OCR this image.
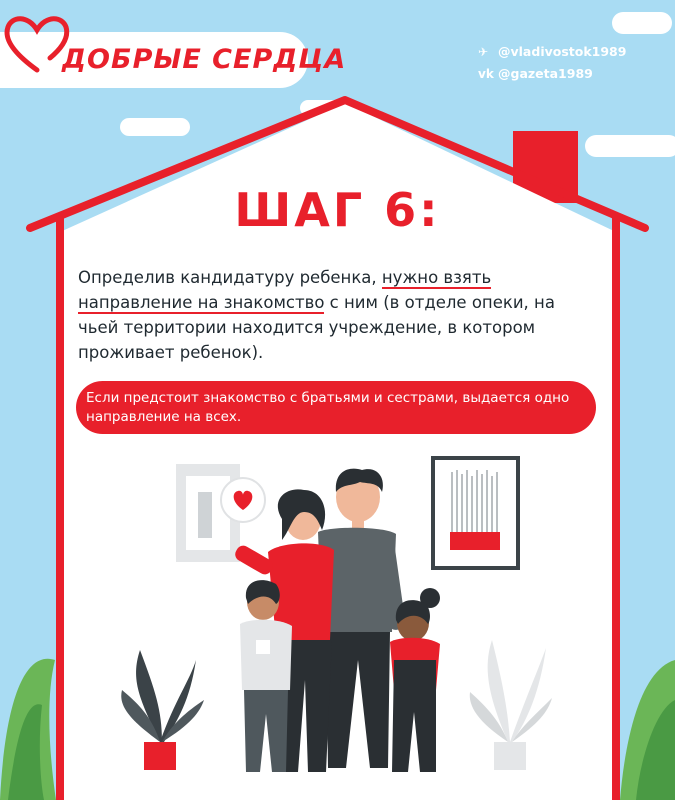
ДОБРЫЕ СЕРДЦА	✈ @vladivostok1989
vk @gazeta1989
ШАГ 6:
Определив кандидатуру ребенка, нужно взять направление на знакомство с ним (в отделе опеки, на чьей территории находится учреждение, в котором проживает ребенок).
Если предстоит знакомство с братьями и сестрами, выдается одно направление на всех.
